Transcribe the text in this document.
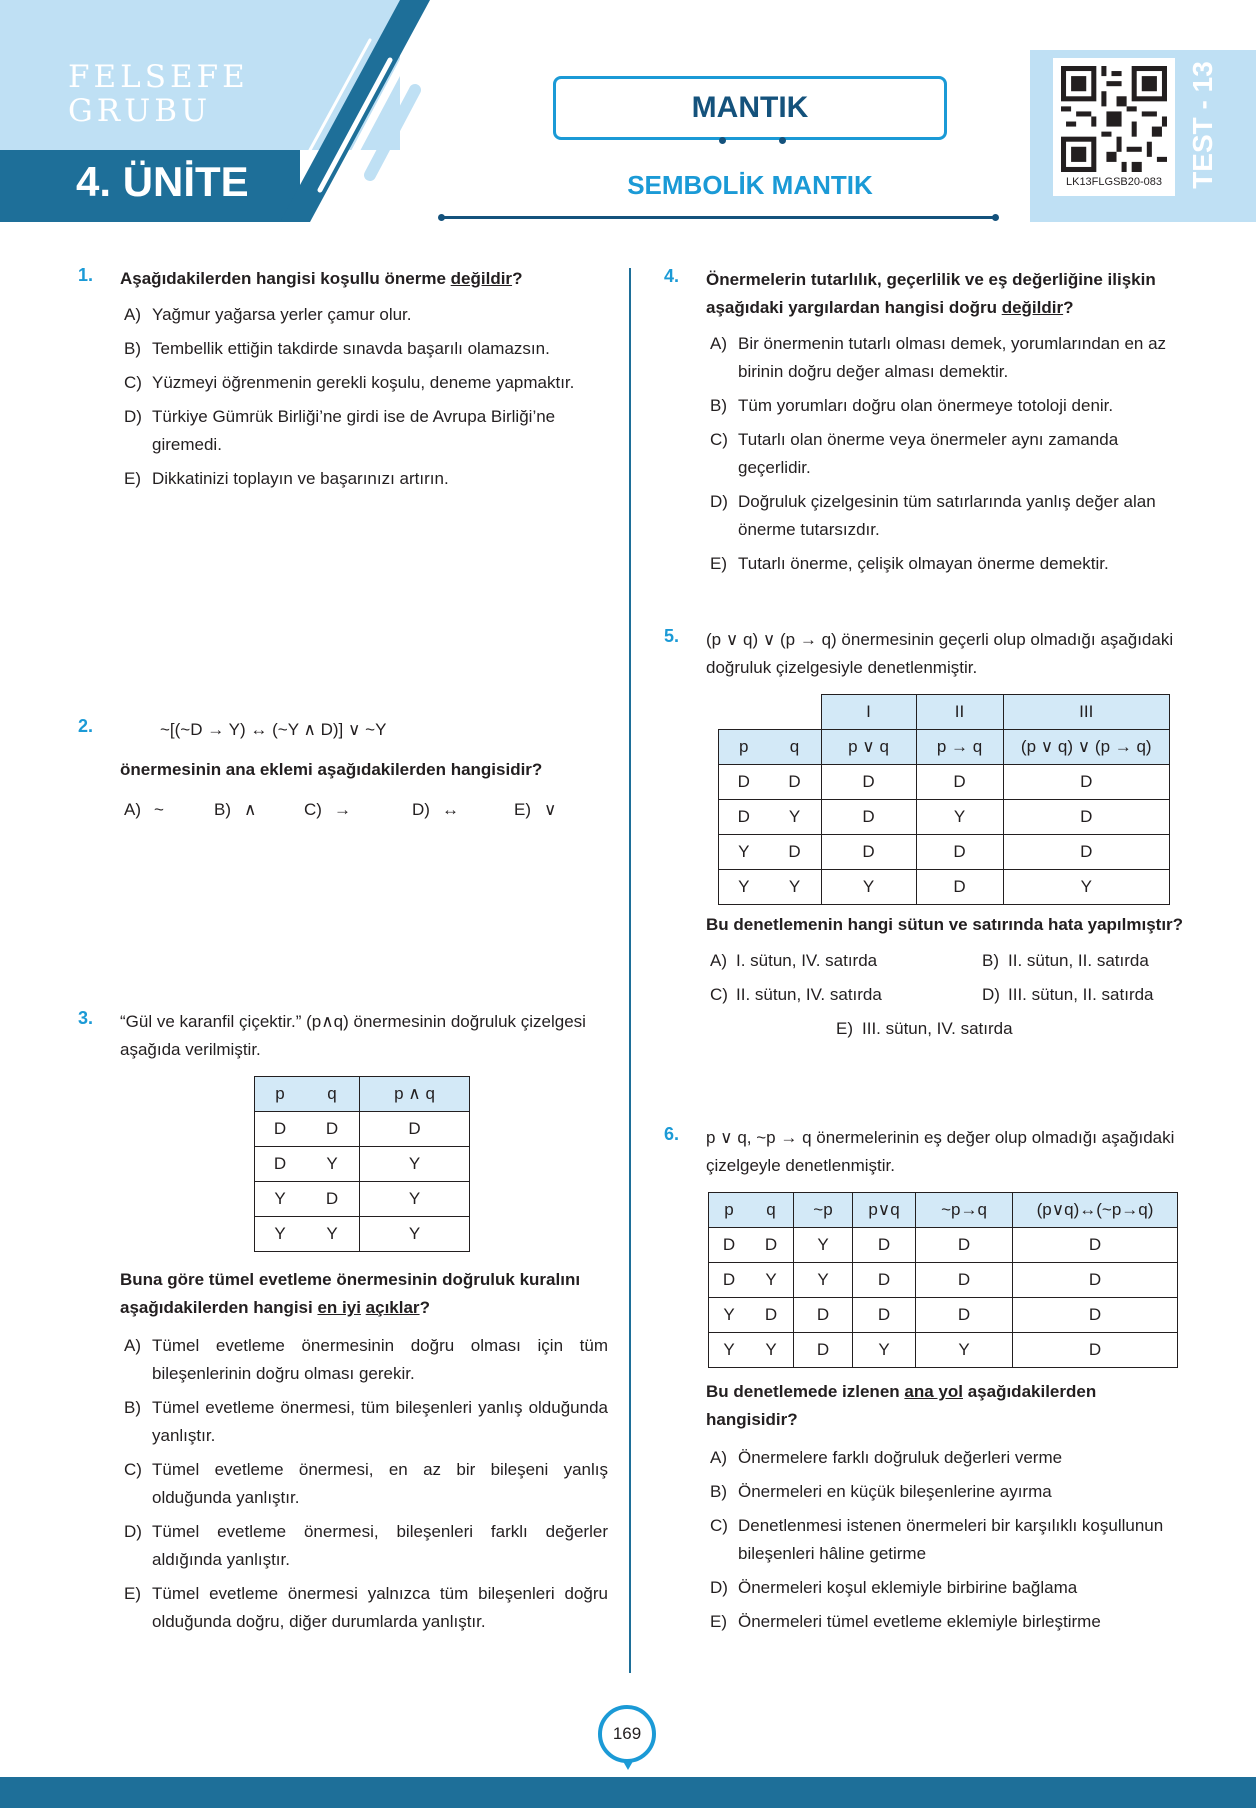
FELSEFE
GRUBU
4. ÜNİTE
MANTIK
SEMBOLİK MANTIK	LK13FLGSB20-083 TEST - 13
1.	Aşağıdakilerden hangisi koşullu önerme değildir?
A) Yağmur yağarsa yerler çamur olur.
B) Tembellik ettiğin takdirde sınavda başarılı olamazsın.
C) Yüzmeyi öğrenmenin gerekli koşulu, deneme yapmaktır.
D) Türkiye Gümrük Birliği’ne girdi ise de Avrupa Birliği’ne giremedi.
E) Dikkatinizi toplayın ve başarınızı artırın.
2.	~[(~D → Y) ↔ (~Y ∧ D)] ∨ ~Y
önermesinin ana eklemi aşağıdakilerden hangisidir?
A) ~	B) ∧	C) →	D) ↔	E) ∨
3.	“Gül ve karanfil çiçektir.” (p∧q) önermesinin doğruluk çizelgesi aşağıda verilmiştir.
p	q	p ∧ q
D	D	D
D	Y	Y
Y	D	Y
Y	Y	Y
Buna göre tümel evetleme önermesinin doğruluk kuralını aşağıdakilerden hangisi en iyi açıklar?
A) Tümel evetleme önermesinin doğru olması için tüm bileşenlerinin doğru olması gerekir.
B) Tümel evetleme önermesi, tüm bileşenleri yanlış olduğunda yanlıştır.
C) Tümel evetleme önermesi, en az bir bileşeni yanlış olduğunda yanlıştır.
D) Tümel evetleme önermesi, bileşenleri farklı değerler aldığında yanlıştır.
E) Tümel evetleme önermesi yalnızca tüm bileşenleri doğru olduğunda doğru, diğer durumlarda yanlıştır.
4.	Önermelerin tutarlılık, geçerlilik ve eş değerliğine ilişkin aşağıdaki yargılardan hangisi doğru değildir?
A) Bir önermenin tutarlı olması demek, yorumlarından en az birinin doğru değer alması demektir.
B) Tüm yorumları doğru olan önermeye totoloji denir.
C) Tutarlı olan önerme veya önermeler aynı zamanda geçerlidir.
D) Doğruluk çizelgesinin tüm satırlarında yanlış değer alan önerme tutarsızdır.
E) Tutarlı önerme, çelişik olmayan önerme demektir.
5.	(p ∨ q) ∨ (p → q) önermesinin geçerli olup olmadığı aşağıdaki doğruluk çizelgesiyle denetlenmiştir.
		I	II	III
p	q	p ∨ q	p → q	(p ∨ q) ∨ (p → q)
D	D	D	D	D
D	Y	D	Y	D
Y	D	D	D	D
Y	Y	Y	D	Y
Bu denetlemenin hangi sütun ve satırında hata yapılmıştır?
A) I. sütun, IV. satırda	B) II. sütun, II. satırda
C) II. sütun, IV. satırda	D) III. sütun, II. satırda
E) III. sütun, IV. satırda
6.	p ∨ q, ~p → q önermelerinin eş değer olup olmadığı aşağıdaki çizelgeyle denetlenmiştir.
p	q	~p	p∨q	~p→q	(p∨q)↔(~p→q)
D	D	Y	D	D	D
D	Y	Y	D	D	D
Y	D	D	D	D	D
Y	Y	D	Y	Y	D
Bu denetlemede izlenen ana yol aşağıdakilerden hangisidir?
A) Önermelere farklı doğruluk değerleri verme
B) Önermeleri en küçük bileşenlerine ayırma
C) Denetlenmesi istenen önermeleri bir karşılıklı koşullunun bileşenleri hâline getirme
D) Önermeleri koşul eklemiyle birbirine bağlama
E) Önermeleri tümel evetleme eklemiyle birleştirme
169
